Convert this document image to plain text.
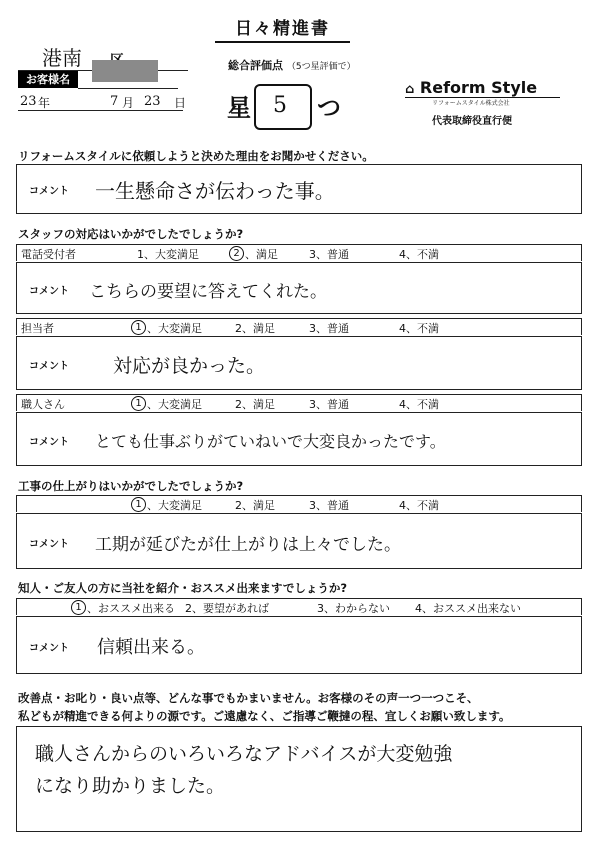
日々精進書
港南
お客様名
23 年	7 月 23 日
総合評価点 （5つ星評価で）
星	5	つ
⌂ Reform Style
リフォームスタイル株式会社
代表取締役直行便
リフォームスタイルに依頼しようと決めた理由をお聞かせください。
コメント 一生懸命さが伝わった事。
スタッフの対応はいかがでしたでしょうか?
電話受付者	1、大変満足	2 、満足	3、普通	4、不満
コメント こちらの要望に答えてくれた。
担当者	1 、大変満足	2、満足	3、普通	4、不満
コメント 対応が良かった。
職人さん	1 、大変満足	2、満足	3、普通	4、不満
コメント とても仕事ぶりがていねいで大変良かったです。
工事の仕上がりはいかがでしたでしょうか?
1 、大変満足	2、満足	3、普通	4、不満
コメント 工期が延びたが仕上がりは上々でした。
知人・ご友人の方に当社を紹介・おススメ出来ますでしょうか?
1 、おススメ出来る 2、要望があれば	3、わからない 4、おススメ出来ない
コメント 信頼出来る。
改善点・お叱り・良い点等、どんな事でもかまいません。お客様のその声一つ一つこそ、
私どもが精進できる何よりの源です。ご遠慮なく、ご指導ご鞭撻の程、宜しくお願い致します。
職人さんからのいろいろなアドバイスが大変勉強
になり助かりました。
